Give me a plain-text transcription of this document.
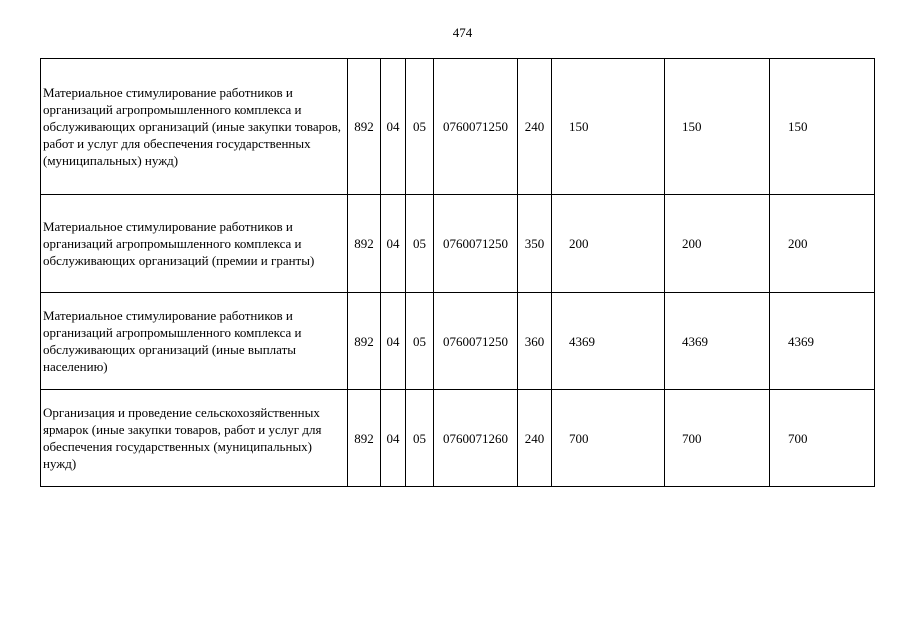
474
Материальное стимулирование работников и организаций агропромышленного комплекса и обслуживающих организаций (иные закупки товаров, работ и услуг для обеспечения государственных (муниципальных) нужд)	892	04	05	0760071250	240	150	150	150
Материальное стимулирование работников и организаций агропромышленного комплекса и обслуживающих организаций (премии и гранты)	892	04	05	0760071250	350	200	200	200
Материальное стимулирование работников и организаций агропромышленного комплекса и обслуживающих организаций (иные выплаты населению)	892	04	05	0760071250	360	4369	4369	4369
Организация и проведение сельскохозяйственных ярмарок (иные закупки товаров, работ и услуг для обеспечения государственных (муниципальных) нужд)	892	04	05	0760071260	240	700	700	700
